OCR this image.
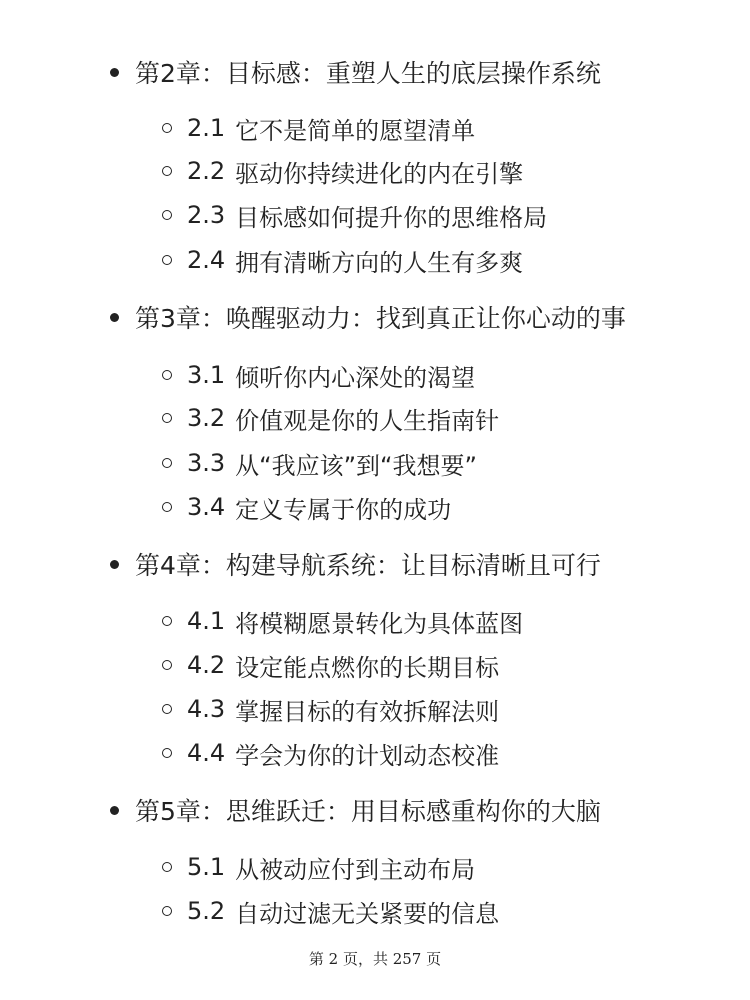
第2章：目标感：重塑人生的底层操作系统
2.1 它不是简单的愿望清单
2.2 驱动你持续进化的内在引擎
2.3 目标感如何提升你的思维格局
2.4 拥有清晰方向的人生有多爽
第3章：唤醒驱动力：找到真正让你心动的事
3.1 倾听你内心深处的渴望
3.2 价值观是你的人生指南针
3.3 从“我应该”到“我想要”
3.4 定义专属于你的成功
第4章：构建导航系统：让目标清晰且可行
4.1 将模糊愿景转化为具体蓝图
4.2 设定能点燃你的长期目标
4.3 掌握目标的有效拆解法则
4.4 学会为你的计划动态校准
第5章：思维跃迁：用目标感重构你的大脑
5.1 从被动应付到主动布局
5.2 自动过滤无关紧要的信息
第 2 页，共 257 页
